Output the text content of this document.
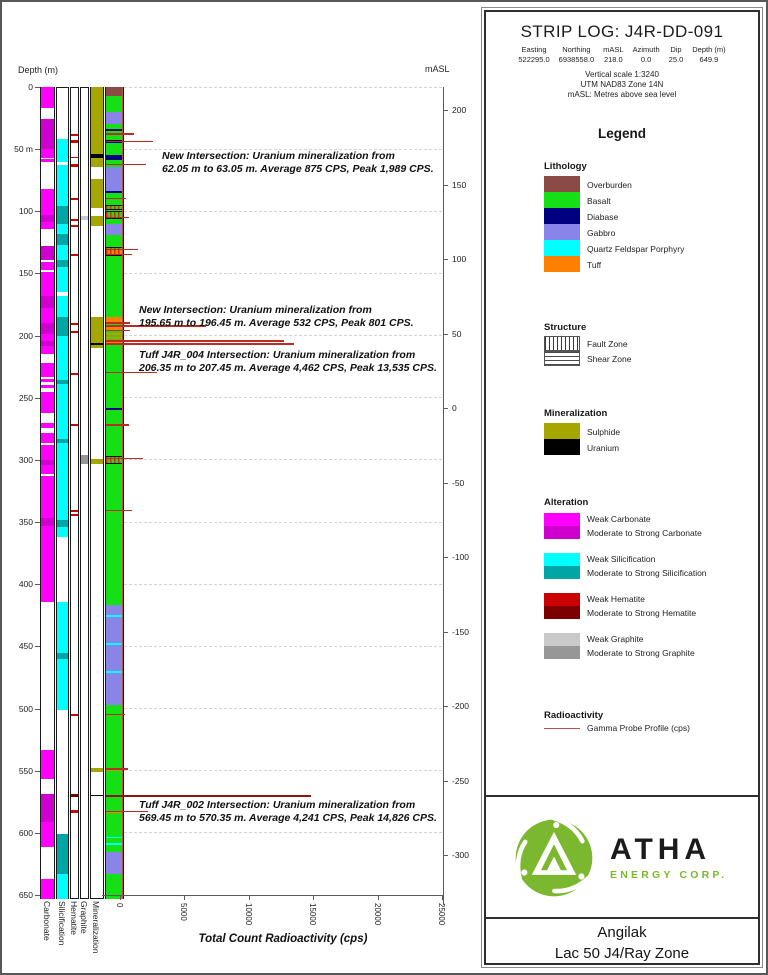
Depth (m)	mASL
Total Count Radioactivity (cps)
200
150
100
50
0
-50
-100
-150
-200
-250
-300
0
50 m
100
150
200
250
300
350
400
450
500
550
600
650
0	5000	10000	15000	20000	25000
Carbonate Silicification Hematite Graphite Mineralization
New Intersection: Uranium mineralization from
62.05 m to 63.05 m. Average 875 CPS, Peak 1,989 CPS.
New Intersection: Uranium mineralization from
195.65 m to 196.45 m. Average 532 CPS, Peak 801 CPS.
Tuff J4R_004 Intersection: Uranium mineralization from
206.35 m to 207.45 m. Average 4,462 CPS, Peak 13,535 CPS.
Tuff J4R_002 Intersection: Uranium mineralization from
569.45 m to 570.35 m. Average 4,241 CPS, Peak 14,826 CPS.
STRIP LOG: J4R-DD-091
Easting
522295.0
Northing
6938558.0
mASL
218.0
Azimuth
0.0
Dip
25.0
Depth (m)
649.9
Vertical scale 1:3240
UTM NAD83 Zone 14N
mASL: Metres above sea level
Legend
Lithology
Overburden
Basalt
Diabase
Gabbro
Quartz Feldspar Porphyry
Tuff
Structure
Fault Zone
Shear Zone
Mineralization
Sulphide
Uranium
Alteration
Weak Carbonate
Moderate to Strong Carbonate
Weak Silicification
Moderate to Strong Silicification
Weak Hematite
Moderate to Strong Hematite
Weak Graphite
Moderate to Strong Graphite
Radioactivity
Gamma Probe Profile (cps)
ATHA
ENERGY CORP.
Angilak
Lac 50 J4/Ray Zone
